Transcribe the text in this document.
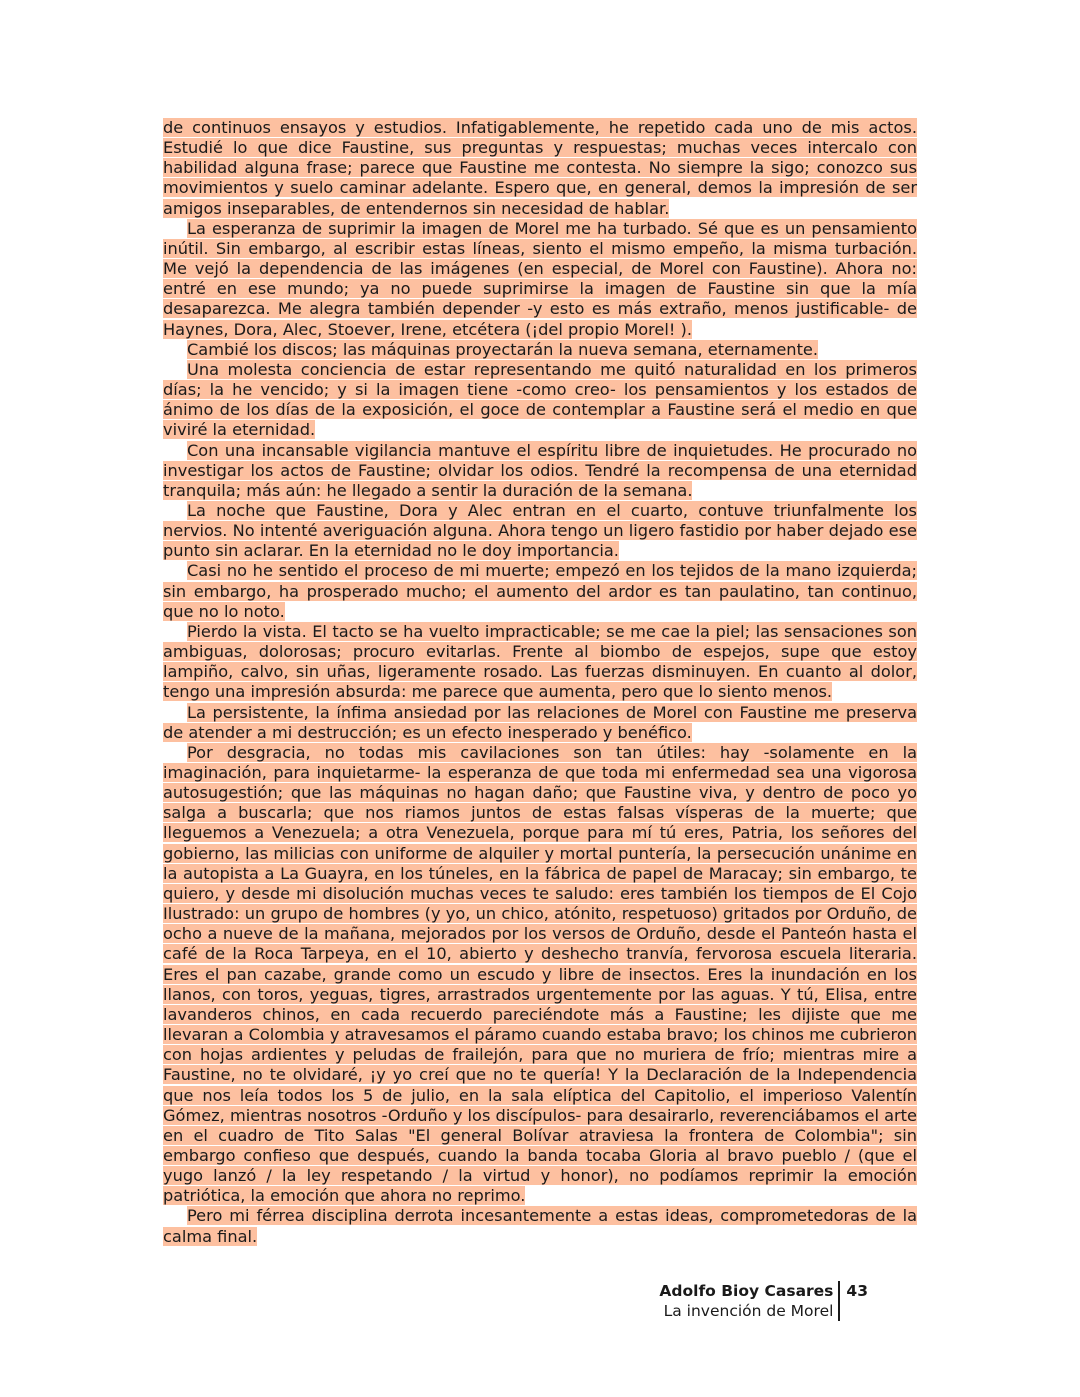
de continuos ensayos y estudios. Infatigablemente, he repetido cada uno de mis actos. Estudié lo que dice Faustine, sus preguntas y respuestas; muchas veces intercalo con habilidad alguna frase; parece que Faustine me contesta. No siempre la sigo; conozco sus movimientos y suelo caminar adelante. Espero que, en general, demos la impresión de ser amigos inseparables, de entendernos sin necesidad de hablar.

La esperanza de suprimir la imagen de Morel me ha turbado. Sé que es un pensamiento inútil. Sin embargo, al escribir estas líneas, siento el mismo empeño, la misma turbación. Me vejó la dependencia de las imágenes (en especial, de Morel con Faustine). Ahora no: entré en ese mundo; ya no puede suprimirse la imagen de Faustine sin que la mía desaparezca. Me alegra también depender -y esto es más extraño, menos justificable- de Haynes, Dora, Alec, Stoever, Irene, etcétera (¡del propio Morel! ).

Cambié los discos; las máquinas proyectarán la nueva semana, eternamente.

Una molesta conciencia de estar representando me quitó naturalidad en los primeros días; la he vencido; y si la imagen tiene -como creo- los pensamientos y los estados de ánimo de los días de la exposición, el goce de contemplar a Faustine será el medio en que viviré la eternidad.

Con una incansable vigilancia mantuve el espíritu libre de inquietudes. He procurado no investigar los actos de Faustine; olvidar los odios. Tendré la recompensa de una eternidad tranquila; más aún: he llegado a sentir la duración de la semana.

La noche que Faustine, Dora y Alec entran en el cuarto, contuve triunfalmente los nervios. No intenté averiguación alguna. Ahora tengo un ligero fastidio por haber dejado ese punto sin aclarar. En la eternidad no le doy importancia.

Casi no he sentido el proceso de mi muerte; empezó en los tejidos de la mano izquierda; sin embargo, ha prosperado mucho; el aumento del ardor es tan paulatino, tan continuo, que no lo noto.

Pierdo la vista. El tacto se ha vuelto impracticable; se me cae la piel; las sensaciones son ambiguas, dolorosas; procuro evitarlas. Frente al biombo de espejos, supe que estoy lampiño, calvo, sin uñas, ligeramente rosado. Las fuerzas disminuyen. En cuanto al dolor, tengo una impresión absurda: me parece que aumenta, pero que lo siento menos.

La persistente, la ínfima ansiedad por las relaciones de Morel con Faustine me preserva de atender a mi destrucción; es un efecto inesperado y benéfico.

Por desgracia, no todas mis cavilaciones son tan útiles: hay -solamente en la imaginación, para inquietarme- la esperanza de que toda mi enfermedad sea una vigorosa autosugestión; que las máquinas no hagan daño; que Faustine viva, y dentro de poco yo salga a buscarla; que nos riamos juntos de estas falsas vísperas de la muerte; que lleguemos a Venezuela; a otra Venezuela, porque para mí tú eres, Patria, los señores del gobierno, las milicias con uniforme de alquiler y mortal puntería, la persecución unánime en la autopista a La Guayra, en los túneles, en la fábrica de papel de Maracay; sin embargo, te quiero, y desde mi disolución muchas veces te saludo: eres también los tiempos de El Cojo Ilustrado: un grupo de hombres (y yo, un chico, atónito, respetuoso) gritados por Orduño, de ocho a nueve de la mañana, mejorados por los versos de Orduño, desde el Panteón hasta el café de la Roca Tarpeya, en el 10, abierto y deshecho tranvía, fervorosa escuela literaria. Eres el pan cazabe, grande como un escudo y libre de insectos. Eres la inundación en los llanos, con toros, yeguas, tigres, arrastrados urgentemente por las aguas. Y tú, Elisa, entre lavanderos chinos, en cada recuerdo pareciéndote más a Faustine; les dijiste que me llevaran a Colombia y atravesamos el páramo cuando estaba bravo; los chinos me cubrieron con hojas ardientes y peludas de frailejón, para que no muriera de frío; mientras mire a Faustine, no te olvidaré, ¡y yo creí que no te quería! Y la Declaración de la Independencia que nos leía todos los 5 de julio, en la sala elíptica del Capitolio, el imperioso Valentín Gómez, mientras nosotros -Orduño y los discípulos- para desairarlo, reverenciábamos el arte en el cuadro de Tito Salas "El general Bolívar atraviesa la frontera de Colombia"; sin embargo confieso que después, cuando la banda tocaba Gloria al bravo pueblo / (que el yugo lanzó / la ley respetando / la virtud y honor), no podíamos reprimir la emoción patriótica, la emoción que ahora no reprimo.

Pero mi férrea disciplina derrota incesantemente a estas ideas, comprometedoras de la calma final.

Adolfo Bioy Casares
La invención de Morel
43
